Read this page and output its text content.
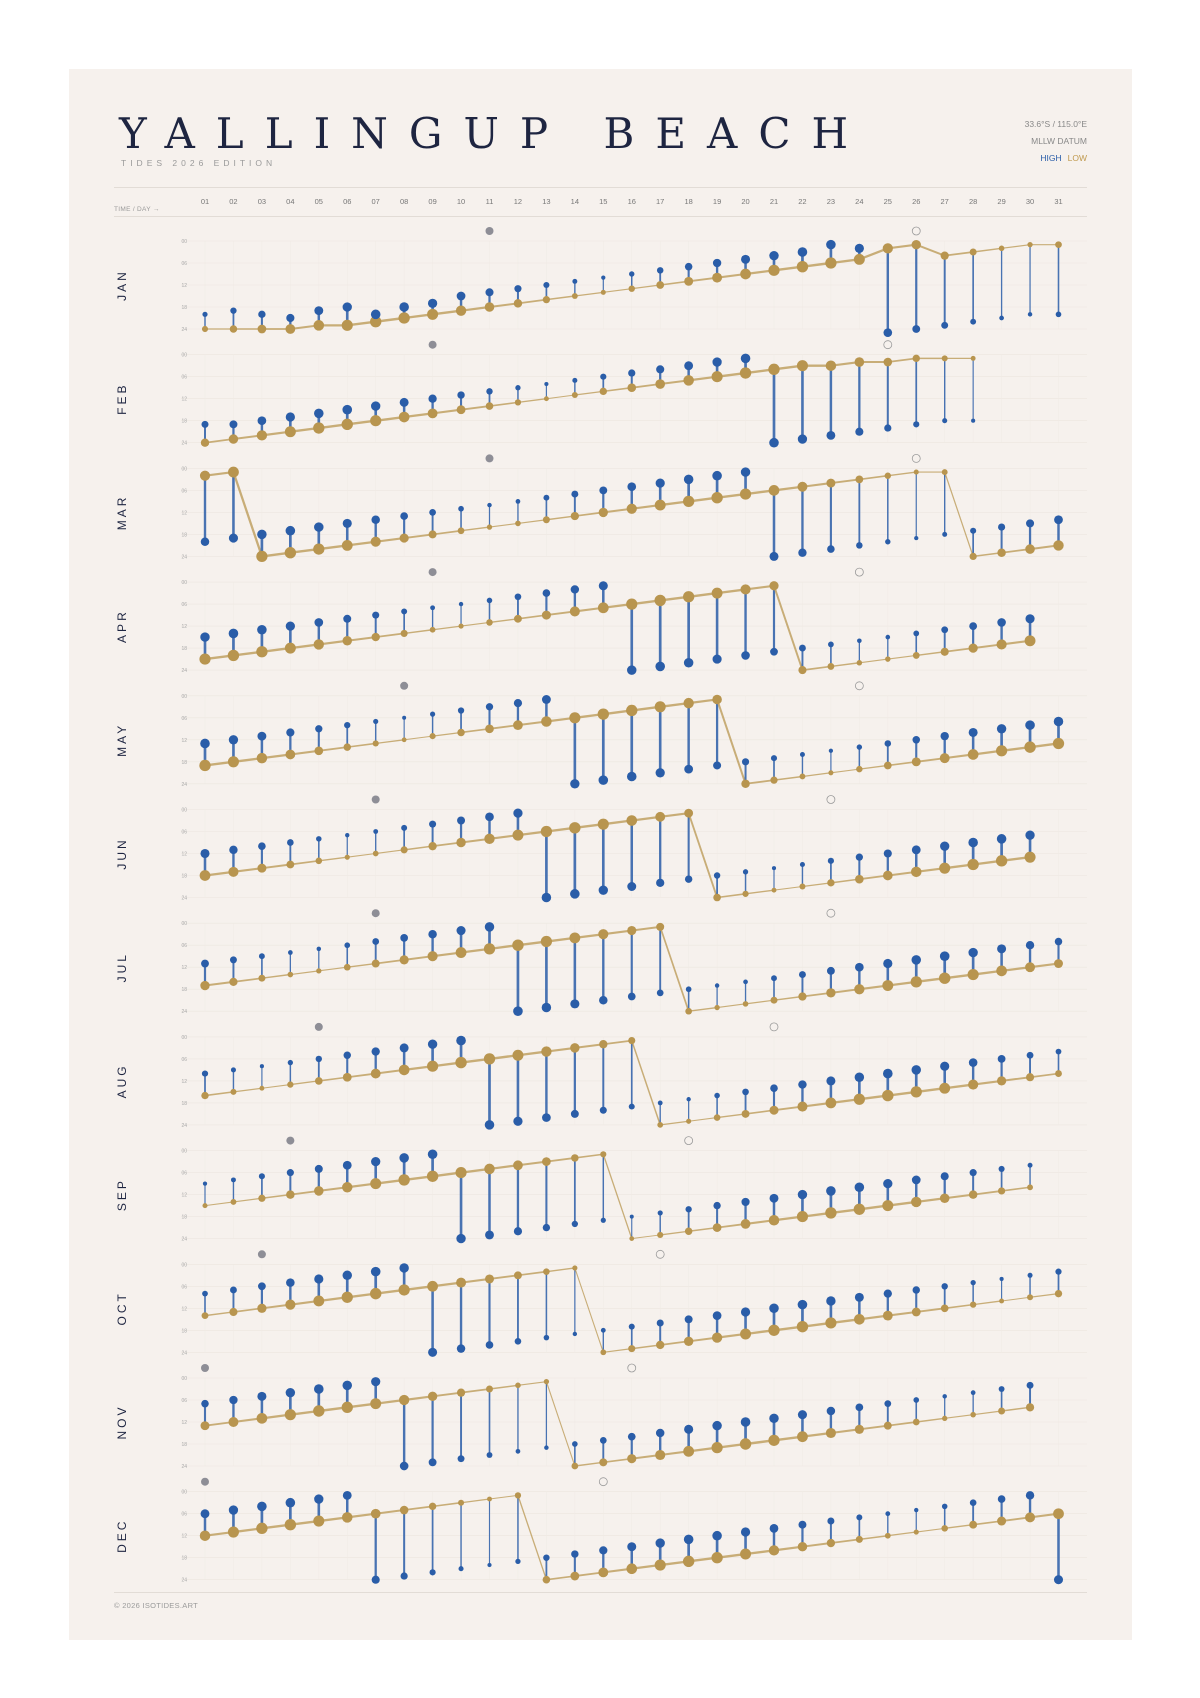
YALLINGUP BEACH
TIDES 2026 EDITION
33.6°S / 115.0°E
MLLW DATUM
HIGH LOW
TIME / DAY →
© 2026 ISOTIDES.ART
01	02	03	04	05	06	07	08	09	10	11	12	13	14	15	16	17	18	19	20	21	22	23	24	25	26	27	28	29	30	31
00
06
12
18
24
JAN
00
06
12
18
24
FEB
00
06
12
18
24
MAR
00
06
12
18
24
APR
00
06
12
18
24
MAY
00
06
12
18
24
JUN
00
06
12
18
24
JUL
00
06
12
18
24
AUG
00
06
12
18
24
SEP
00
06
12
18
24
OCT
00
06
12
18
24
NOV
00
06
12
18
24
DEC
